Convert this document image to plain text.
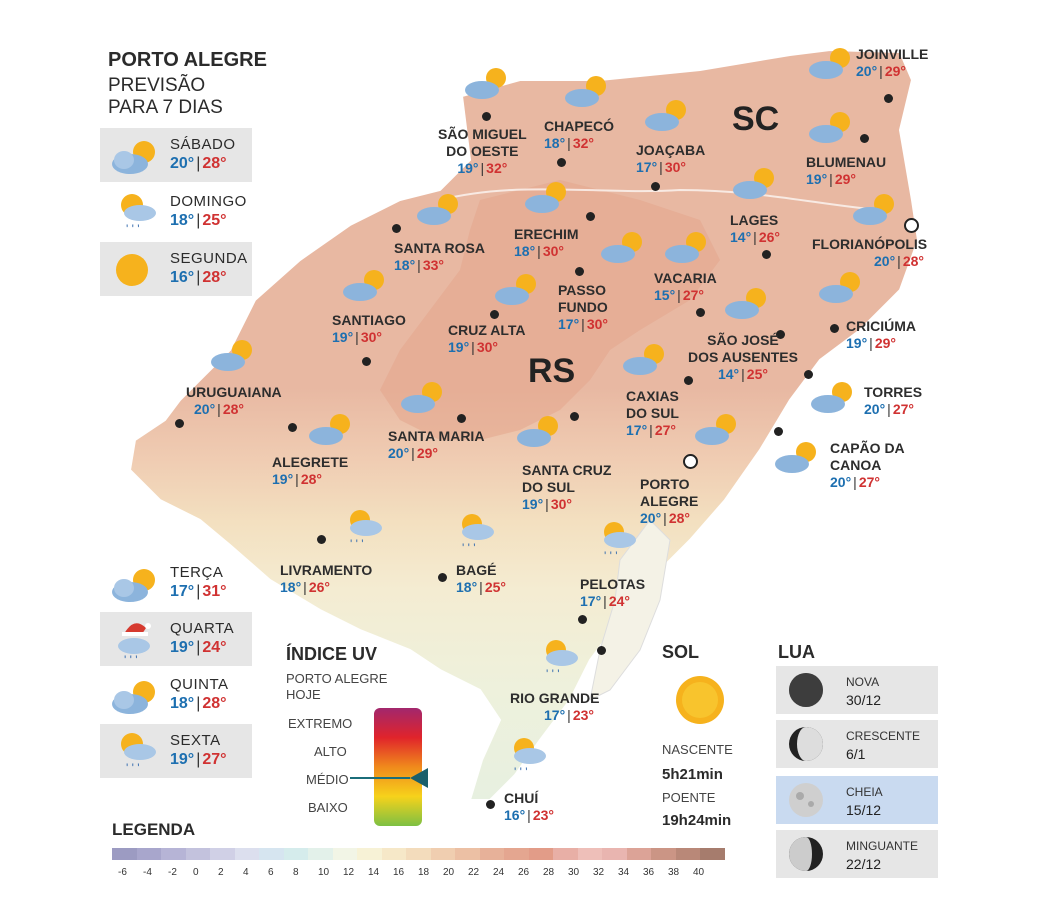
SC
RS
PORTO ALEGRE
PREVISÃO
PARA 7 DIAS
SÁBADO
20° | 28°
' ' '
DOMINGO
18° | 25°
SEGUNDA
16° | 28°
TERÇA
17° | 31°
' ' '
QUARTA
19° | 24°
QUINTA
18° | 28°
' ' '
SEXTA
19° | 27°
JOINVILLE
20° | 29°
SÃO MIGUEL
DO OESTE
19° | 32°
CHAPECÓ
18° | 32°	JOAÇABA
17° | 30°	BLUMENAU
19° | 29°
LAGES
14° | 26° FLORIANÓPOLIS
20° | 28°
SANTA ROSA
18° | 33°
ERECHIM
18° | 30°
VACARIA
15° | 27°
PASSO
FUNDO
17° | 30°
SANTIAGO
19° | 30°	CRUZ ALTA
19° | 30°	SÃO JOSÉ
DOS AUSENTES
14° | 25°
CRICIÚMA
19° | 29°
URUGUAIANA
20° | 28°
CAXIAS
DO SUL
17° | 27°
TORRES
20° | 27°
SANTA MARIA
20° | 29°
ALEGRETE
19° | 28°
SANTA CRUZ
DO SUL
19° | 30°
CAPÃO DA
CANOA
20° | 27°
PORTO
ALEGRE
20° | 28°
' ' '
LIVRAMENTO
18° | 26°
' ' '
BAGÉ
18° | 25°
' ' '
PELOTAS
17° | 24°
' ' '
RIO GRANDE
17° | 23°
' ' '
CHUÍ
16° | 23°
ÍNDICE UV
PORTO ALEGRE
HOJE
EXTREMO
ALTO
MÉDIO
BAIXO
SOL
NASCENTE
5h21min
POENTE
19h24min
LUA
NOVA
30/12
CRESCENTE
6/1
CHEIA
15/12
MINGUANTE
22/12
LEGENDA
-6 -4 -2 0 2 4 6 8 10 12 14 16 18 20 22 24 26 28 30 32 34 36 38 40
